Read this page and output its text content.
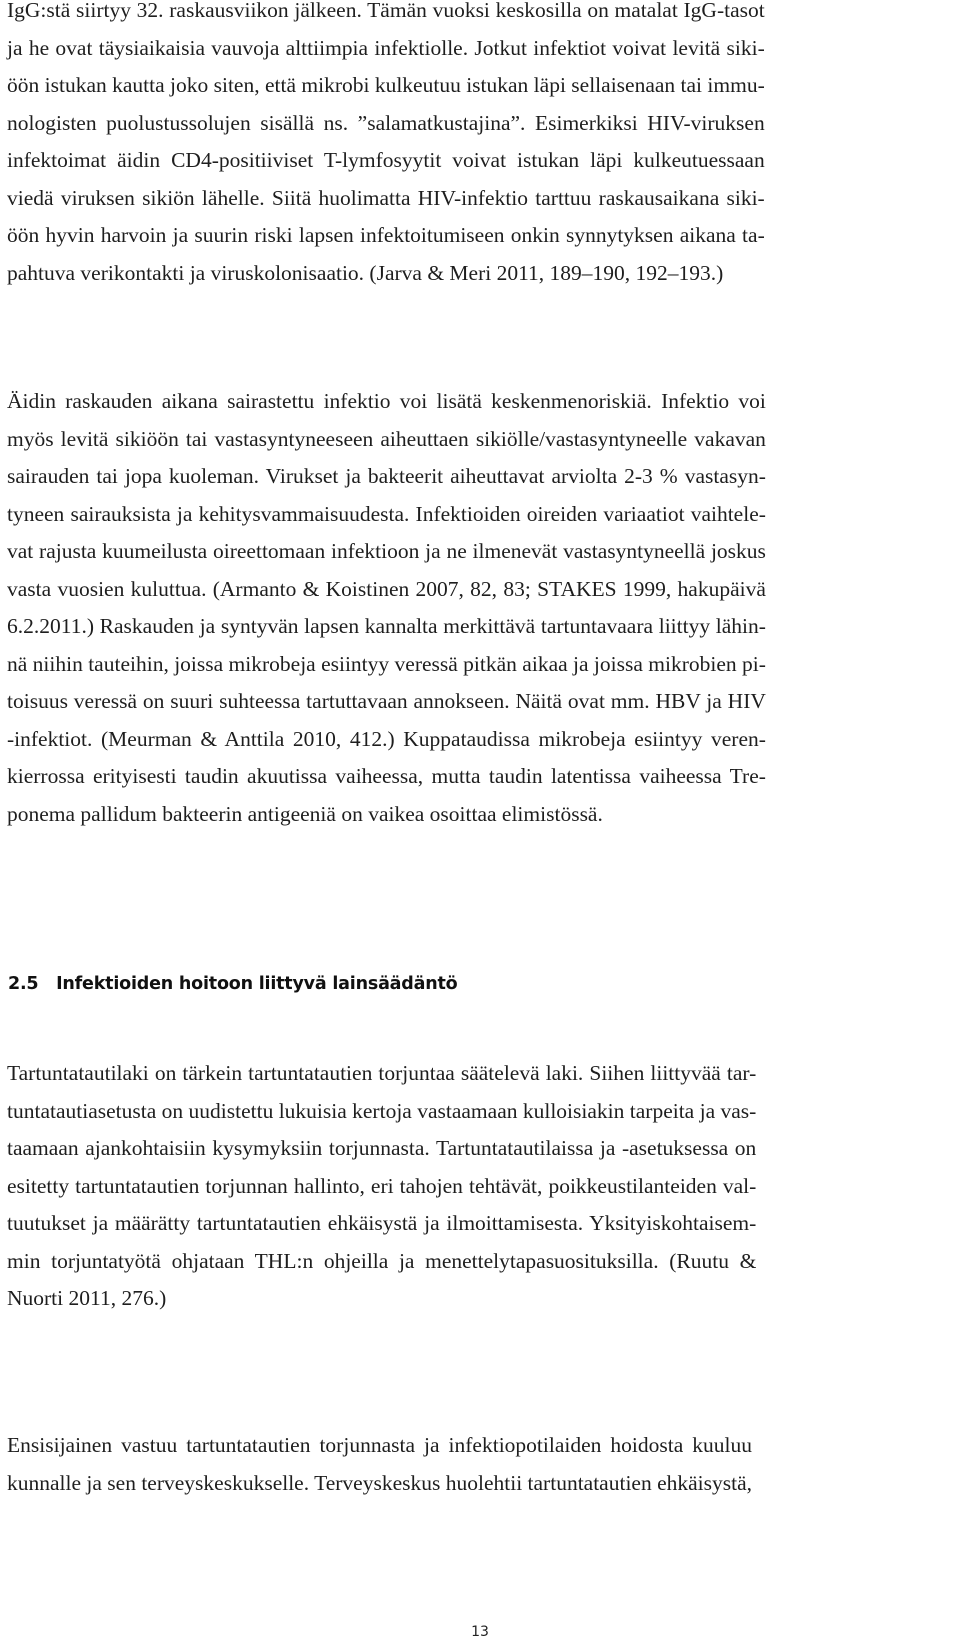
IgG:stä siirtyy 32. raskausviikon jälkeen. Tämän vuoksi keskosilla on matalat IgG-tasot
ja he ovat täysiaikaisia vauvoja alttiimpia infektiolle. Jotkut infektiot voivat levitä siki-
öön istukan kautta joko siten, että mikrobi kulkeutuu istukan läpi sellaisenaan tai immu-
nologisten puolustussolujen sisällä ns. ”salamatkustajina”. Esimerkiksi HIV-viruksen
infektoimat äidin CD4-positiiviset T-lymfosyytit voivat istukan läpi kulkeutuessaan
viedä viruksen sikiön lähelle. Siitä huolimatta HIV-infektio tarttuu raskausaikana siki-
öön hyvin harvoin ja suurin riski lapsen infektoitumiseen onkin synnytyksen aikana ta-
pahtuva verikontakti ja viruskolonisaatio. (Jarva & Meri 2011, 189–190, 192–193.)

Äidin raskauden aikana sairastettu infektio voi lisätä keskenmenoriskiä. Infektio voi
myös levitä sikiöön tai vastasyntyneeseen aiheuttaen sikiölle/vastasyntyneelle vakavan
sairauden tai jopa kuoleman. Virukset ja bakteerit aiheuttavat arviolta 2-3 % vastasyn-
tyneen sairauksista ja kehitysvammaisuudesta. Infektioiden oireiden variaatiot vaihtele-
vat rajusta kuumeilusta oireettomaan infektioon ja ne ilmenevät vastasyntyneellä joskus
vasta vuosien kuluttua. (Armanto & Koistinen 2007, 82, 83; STAKES 1999, hakupäivä
6.2.2011.) Raskauden ja syntyvän lapsen kannalta merkittävä tartuntavaara liittyy lähin-
nä niihin tauteihin, joissa mikrobeja esiintyy veressä pitkän aikaa ja joissa mikrobien pi-
toisuus veressä on suuri suhteessa tartuttavaan annokseen. Näitä ovat mm. HBV ja HIV
-infektiot. (Meurman & Anttila 2010, 412.) Kuppataudissa mikrobeja esiintyy veren-
kierrossa erityisesti taudin akuutissa vaiheessa, mutta taudin latentissa vaiheessa Tre-
ponema pallidum bakteerin antigeeniä on vaikea osoittaa elimistössä.

2.5   Infektioiden hoitoon liittyvä lainsäädäntö

Tartuntatautilaki on tärkein tartuntatautien torjuntaa säätelevä laki. Siihen liittyvää tar-
tuntatautiasetusta on uudistettu lukuisia kertoja vastaamaan kulloisiakin tarpeita ja vas-
taamaan ajankohtaisiin kysymyksiin torjunnasta. Tartuntatautilaissa ja -asetuksessa on
esitetty tartuntatautien torjunnan hallinto, eri tahojen tehtävät, poikkeustilanteiden val-
tuutukset ja määrätty tartuntatautien ehkäisystä ja ilmoittamisesta. Yksityiskohtaisem-
min torjuntatyötä ohjataan THL:n ohjeilla ja menettelytapasuosituksilla. (Ruutu &
Nuorti 2011, 276.)

Ensisijainen vastuu tartuntatautien torjunnasta ja infektiopotilaiden hoidosta kuuluu
kunnalle ja sen terveyskeskukselle. Terveyskeskus huolehtii tartuntatautien ehkäisystä,

13
